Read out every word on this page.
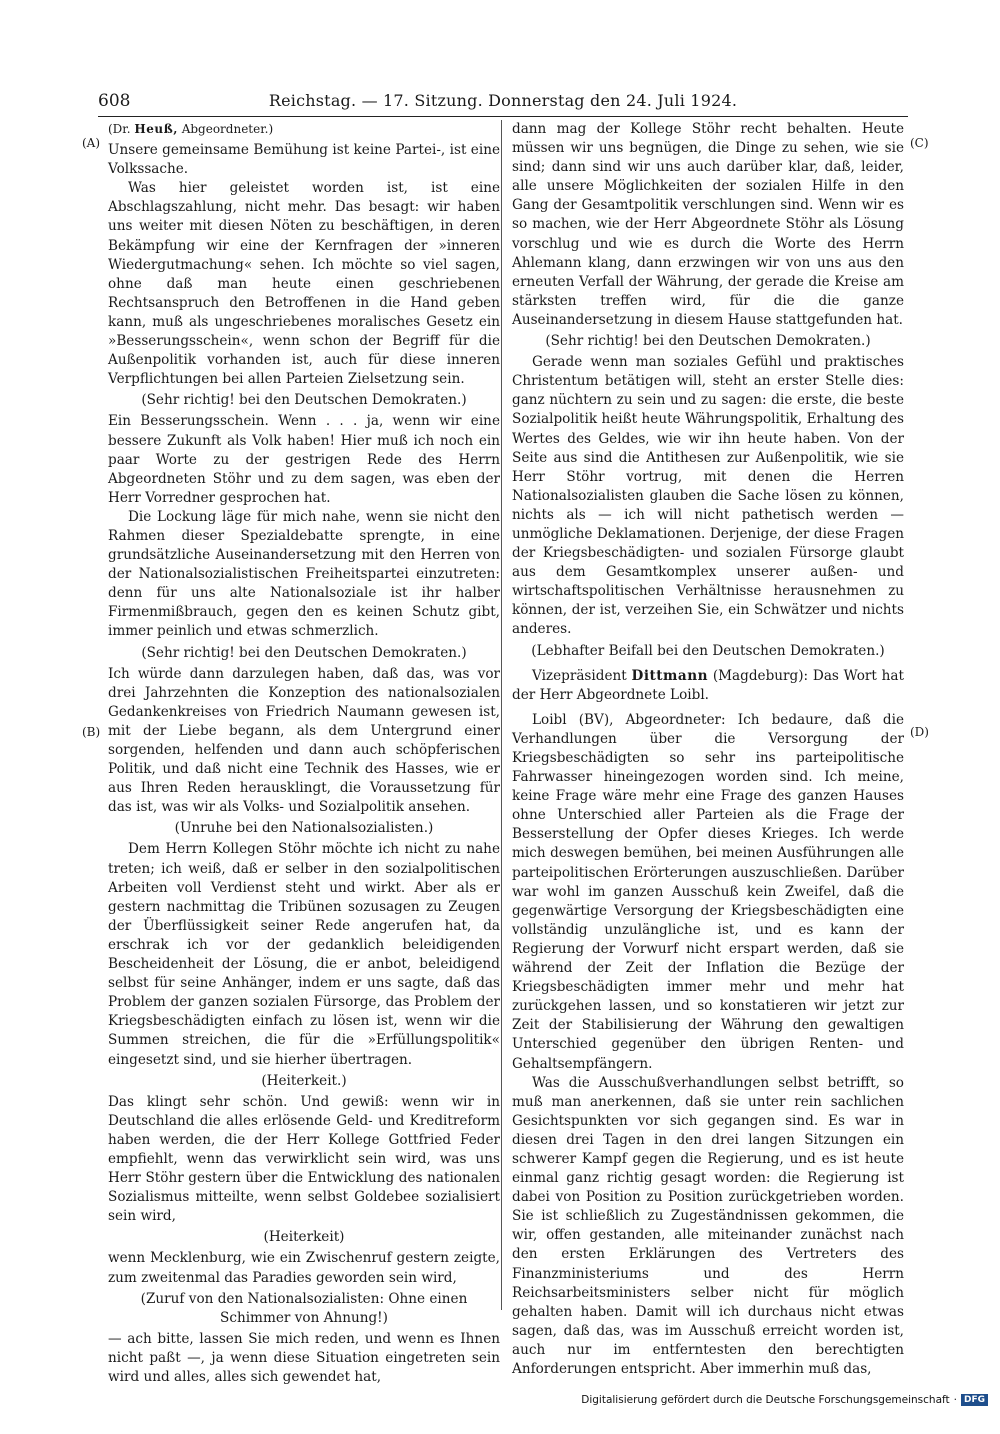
608	Reichstag. — 17. Sitzung. Donnerstag den 24. Juli 1924.
(A)
(B)
(C)
(D)
(Dr. Heuß, Abgeordneter.)

Unsere gemeinsame Bemühung ist keine Partei-, ist eine Volkssache.

Was hier geleistet worden ist, ist eine Abschlagszahlung, nicht mehr. Das besagt: wir haben uns weiter mit diesen Nöten zu beschäftigen, in deren Bekämpfung wir eine der Kernfragen der »inneren Wiedergutmachung« sehen. Ich möchte so viel sagen, ohne daß man heute einen geschriebenen Rechtsanspruch den Betroffenen in die Hand geben kann, muß als ungeschriebenes moralisches Gesetz ein »Besserungsschein«, wenn schon der Begriff für die Außenpolitik vorhanden ist, auch für diese inneren Verpflichtungen bei allen Parteien Zielsetzung sein.

(Sehr richtig! bei den Deutschen Demokraten.)

Ein Besserungsschein. Wenn . . . ja, wenn wir eine bessere Zukunft als Volk haben! Hier muß ich noch ein paar Worte zu der gestrigen Rede des Herrn Abgeordneten Stöhr und zu dem sagen, was eben der Herr Vorredner gesprochen hat.

Die Lockung läge für mich nahe, wenn sie nicht den Rahmen dieser Spezialdebatte sprengte, in eine grundsätzliche Auseinandersetzung mit den Herren von der Nationalsozialistischen Freiheitspartei einzutreten: denn für uns alte Nationalsoziale ist ihr halber Firmenmißbrauch, gegen den es keinen Schutz gibt, immer peinlich und etwas schmerzlich.

(Sehr richtig! bei den Deutschen Demokraten.)

Ich würde dann darzulegen haben, daß das, was vor drei Jahrzehnten die Konzeption des nationalsozialen Gedankenkreises von Friedrich Naumann gewesen ist, mit der Liebe begann, als dem Untergrund einer sorgenden, helfenden und dann auch schöpferischen Politik, und daß nicht eine Technik des Hasses, wie er aus Ihren Reden herausklingt, die Voraussetzung für das ist, was wir als Volks- und Sozialpolitik ansehen.

(Unruhe bei den Nationalsozialisten.)

Dem Herrn Kollegen Stöhr möchte ich nicht zu nahe treten; ich weiß, daß er selber in den sozialpolitischen Arbeiten voll Verdienst steht und wirkt. Aber als er gestern nachmittag die Tribünen sozusagen zu Zeugen der Überflüssigkeit seiner Rede angerufen hat, da erschrak ich vor der gedanklich beleidigenden Bescheidenheit der Lösung, die er anbot, beleidigend selbst für seine Anhänger, indem er uns sagte, daß das Problem der ganzen sozialen Fürsorge, das Problem der Kriegsbeschädigten einfach zu lösen ist, wenn wir die Summen streichen, die für die »Erfüllungspolitik« eingesetzt sind, und sie hierher übertragen.

(Heiterkeit.)

Das klingt sehr schön. Und gewiß: wenn wir in Deutschland die alles erlösende Geld- und Kreditreform haben werden, die der Herr Kollege Gottfried Feder empfiehlt, wenn das verwirklicht sein wird, was uns Herr Stöhr gestern über die Entwicklung des nationalen Sozialismus mitteilte, wenn selbst Goldebee sozialisiert sein wird,

(Heiterkeit)

wenn Mecklenburg, wie ein Zwischenruf gestern zeigte, zum zweitenmal das Paradies geworden sein wird,

(Zuruf von den Nationalsozialisten: Ohne einen Schimmer von Ahnung!)

— ach bitte, lassen Sie mich reden, und wenn es Ihnen nicht paßt —, ja wenn diese Situation eingetreten sein wird und alles, alles sich gewendet hat,

dann mag der Kollege Stöhr recht behalten. Heute müssen wir uns begnügen, die Dinge zu sehen, wie sie sind; dann sind wir uns auch darüber klar, daß, leider, alle unsere Möglichkeiten der sozialen Hilfe in den Gang der Gesamtpolitik verschlungen sind. Wenn wir es so machen, wie der Herr Abgeordnete Stöhr als Lösung vorschlug und wie es durch die Worte des Herrn Ahlemann klang, dann erzwingen wir von uns aus den erneuten Verfall der Währung, der gerade die Kreise am stärksten treffen wird, für die die ganze Auseinandersetzung in diesem Hause stattgefunden hat.

(Sehr richtig! bei den Deutschen Demokraten.)

Gerade wenn man soziales Gefühl und praktisches Christentum betätigen will, steht an erster Stelle dies: ganz nüchtern zu sein und zu sagen: die erste, die beste Sozialpolitik heißt heute Währungspolitik, Erhaltung des Wertes des Geldes, wie wir ihn heute haben. Von der Seite aus sind die Antithesen zur Außenpolitik, wie sie Herr Stöhr vortrug, mit denen die Herren Nationalsozialisten glauben die Sache lösen zu können, nichts als — ich will nicht pathetisch werden — unmögliche Deklamationen. Derjenige, der diese Fragen der Kriegsbeschädigten- und sozialen Fürsorge glaubt aus dem Gesamtkomplex unserer außen- und wirtschaftspolitischen Verhältnisse herausnehmen zu können, der ist, verzeihen Sie, ein Schwätzer und nichts anderes.

(Lebhafter Beifall bei den Deutschen Demokraten.)

Vizepräsident Dittmann (Magdeburg): Das Wort hat der Herr Abgeordnete Loibl.

Loibl (BV), Abgeordneter: Ich bedaure, daß die Verhandlungen über die Versorgung der Kriegsbeschädigten so sehr ins parteipolitische Fahrwasser hineingezogen worden sind. Ich meine, keine Frage wäre mehr eine Frage des ganzen Hauses ohne Unterschied aller Parteien als die Frage der Besserstellung der Opfer dieses Krieges. Ich werde mich deswegen bemühen, bei meinen Ausführungen alle parteipolitischen Erörterungen auszuschließen. Darüber war wohl im ganzen Ausschuß kein Zweifel, daß die gegenwärtige Versorgung der Kriegsbeschädigten eine vollständig unzulängliche ist, und es kann der Regierung der Vorwurf nicht erspart werden, daß sie während der Zeit der Inflation die Bezüge der Kriegsbeschädigten immer mehr und mehr hat zurückgehen lassen, und so konstatieren wir jetzt zur Zeit der Stabilisierung der Währung den gewaltigen Unterschied gegenüber den übrigen Renten- und Gehaltsempfängern.

Was die Ausschußverhandlungen selbst betrifft, so muß man anerkennen, daß sie unter rein sachlichen Gesichtspunkten vor sich gegangen sind. Es war in diesen drei Tagen in den drei langen Sitzungen ein schwerer Kampf gegen die Regierung, und es ist heute einmal ganz richtig gesagt worden: die Regierung ist dabei von Position zu Position zurückgetrieben worden. Sie ist schließlich zu Zugeständnissen gekommen, die wir, offen gestanden, alle miteinander zunächst nach den ersten Erklärungen des Vertreters des Finanzministeriums und des Herrn Reichsarbeitsministers selber nicht für möglich gehalten haben. Damit will ich durchaus nicht etwas sagen, daß das, was im Ausschuß erreicht worden ist, auch nur im entferntesten den berechtigten Anforderungen entspricht. Aber immerhin muß das,

Digitalisierung gefördert durch die Deutsche Forschungsgemeinschaft · DFG
